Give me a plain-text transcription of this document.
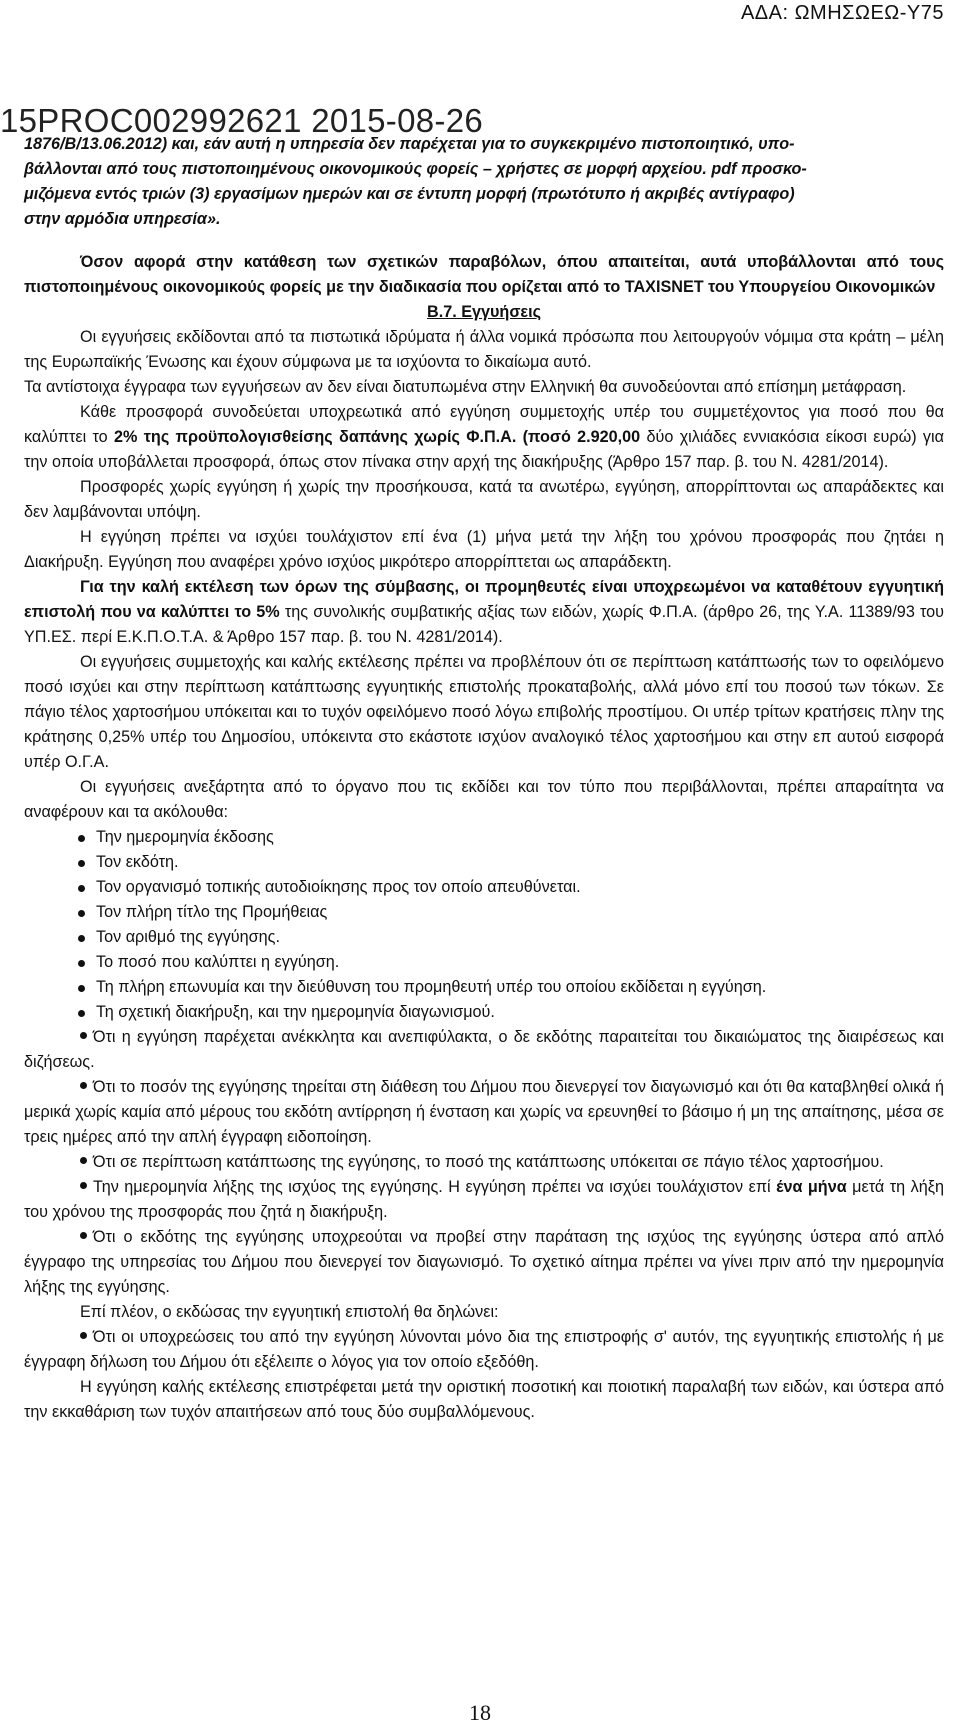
ΑΔΑ: ΩΜΗΣΩΕΩ-Υ75
15PROC002992621 2015-08-26
1876/Β/13.06.2012) και, εάν αυτή η υπηρεσία δεν παρέχεται για το συγκεκριμένο πιστοποιητικό, υπο-
βάλλονται από τους πιστοποιημένους οικονομικούς φορείς – χρήστες σε μορφή αρχείου. pdf προσκο-
μιζόμενα εντός τριών (3) εργασίμων ημερών και σε έντυπη μορφή (πρωτότυπο ή ακριβές αντίγραφο)
στην αρμόδια υπηρεσία».

Όσον αφορά στην κατάθεση των σχετικών παραβόλων, όπου απαιτείται, αυτά υποβάλλονται από τους πιστοποιημένους οικονομικούς φορείς με την διαδικασία που ορίζεται από το TAXISNET του Υπουργείου Οικονομικών

Β.7. Εγγυήσεις

Οι εγγυήσεις εκδίδονται από τα πιστωτικά ιδρύματα ή άλλα νομικά πρόσωπα που λειτουργούν νόμιμα στα κράτη – μέλη της Ευρωπαϊκής Ένωσης και έχουν σύμφωνα με τα ισχύοντα το δικαίωμα αυτό.

Τα αντίστοιχα έγγραφα των εγγυήσεων αν δεν είναι διατυπωμένα στην Ελληνική θα συνοδεύονται από επίσημη μετάφραση.

Κάθε προσφορά συνοδεύεται υποχρεωτικά από εγγύηση συμμετοχής υπέρ του συμμετέχοντος για ποσό που θα καλύπτει το 2% της προϋπολογισθείσης δαπάνης χωρίς Φ.Π.Α. (ποσό 2.920,00 δύο χιλιάδες εννιακόσια είκοσι ευρώ) για την οποία υποβάλλεται προσφορά, όπως στον πίνακα στην αρχή της διακήρυξης (Άρθρο 157 παρ. β. του Ν. 4281/2014).

Προσφορές χωρίς εγγύηση ή χωρίς την προσήκουσα, κατά τα ανωτέρω, εγγύηση, απορρίπτονται ως απαράδεκτες και δεν λαμβάνονται υπόψη.

Η εγγύηση πρέπει να ισχύει τουλάχιστον επί ένα (1) μήνα μετά την λήξη του χρόνου προσφοράς που ζητάει η Διακήρυξη. Εγγύηση που αναφέρει χρόνο ισχύος μικρότερο απορρίπτεται ως απαράδεκτη.

Για την καλή εκτέλεση των όρων της σύμβασης, οι προμηθευτές είναι υποχρεωμένοι να καταθέτουν εγγυητική επιστολή που να καλύπτει το 5% της συνολικής συμβατικής αξίας των ειδών, χωρίς Φ.Π.Α. (άρθρο 26, της Υ.Α. 11389/93 του ΥΠ.ΕΣ. περί Ε.Κ.Π.Ο.Τ.Α. & Άρθρο 157 παρ. β. του Ν. 4281/2014).

Οι εγγυήσεις συμμετοχής και καλής εκτέλεσης πρέπει να προβλέπουν ότι σε περίπτωση κατάπτωσής των το οφειλόμενο ποσό ισχύει και στην περίπτωση κατάπτωσης εγγυητικής επιστολής προκαταβολής, αλλά μόνο επί του ποσού των τόκων. Σε πάγιο τέλος χαρτοσήμου υπόκειται και το τυχόν οφειλόμενο ποσό λόγω επιβολής προστίμου. Οι υπέρ τρίτων κρατήσεις πλην της κράτησης 0,25% υπέρ του Δημοσίου, υπόκειντα στο εκάστοτε ισχύον αναλογικό τέλος χαρτοσήμου και στην επ αυτού εισφορά υπέρ Ο.Γ.Α.

Οι εγγυήσεις ανεξάρτητα από το όργανο που τις εκδίδει και τον τύπο που περιβάλλονται, πρέπει απαραίτητα να αναφέρουν και τα ακόλουθα:

Την ημερομηνία έκδοσης

Τον εκδότη.

Τον οργανισμό τοπικής αυτοδιοίκησης προς τον οποίο απευθύνεται.

Τον πλήρη τίτλο της Προμήθειας

Τον αριθμό της εγγύησης.

Το ποσό που καλύπτει η εγγύηση.

Τη πλήρη επωνυμία και την διεύθυνση του προμηθευτή υπέρ του οποίου εκδίδεται η εγγύηση.

Τη σχετική διακήρυξη, και την ημερομηνία διαγωνισμού.

Ότι η εγγύηση παρέχεται ανέκκλητα και ανεπιφύλακτα, ο δε εκδότης παραιτείται του δικαιώματος της διαιρέσεως και διζήσεως.

Ότι το ποσόν της εγγύησης τηρείται στη διάθεση του Δήμου που διενεργεί τον διαγωνισμό και ότι θα καταβληθεί ολικά ή μερικά χωρίς καμία από μέρους του εκδότη αντίρρηση ή ένσταση και χωρίς να ερευνηθεί το βάσιμο ή μη της απαίτησης, μέσα σε τρεις ημέρες από την απλή έγγραφη ειδοποίηση.

Ότι σε περίπτωση κατάπτωσης της εγγύησης, το ποσό της κατάπτωσης υπόκειται σε πάγιο τέλος χαρτοσήμου.

Την ημερομηνία λήξης της ισχύος της εγγύησης. Η εγγύηση πρέπει να ισχύει τουλάχιστον επί ένα μήνα μετά τη λήξη του χρόνου της προσφοράς που ζητά η διακήρυξη.

Ότι ο εκδότης της εγγύησης υποχρεούται να προβεί στην παράταση της ισχύος της εγγύησης ύστερα από απλό έγγραφο της υπηρεσίας του Δήμου που διενεργεί τον διαγωνισμό. Το σχετικό αίτημα πρέπει να γίνει πριν από την ημερομηνία λήξης της εγγύησης.

Επί πλέον, ο εκδώσας την εγγυητική επιστολή θα δηλώνει:

Ότι οι υποχρεώσεις του από την εγγύηση λύνονται μόνο δια της επιστροφής σ' αυτόν, της εγγυητικής επιστολής ή με έγγραφη δήλωση του Δήμου ότι εξέλειπε ο λόγος για τον οποίο εξεδόθη.

Η εγγύηση καλής εκτέλεσης επιστρέφεται μετά την οριστική ποσοτική και ποιοτική παραλαβή των ειδών, και ύστερα από την εκκαθάριση των τυχόν απαιτήσεων από τους δύο συμβαλλόμενους.

18
